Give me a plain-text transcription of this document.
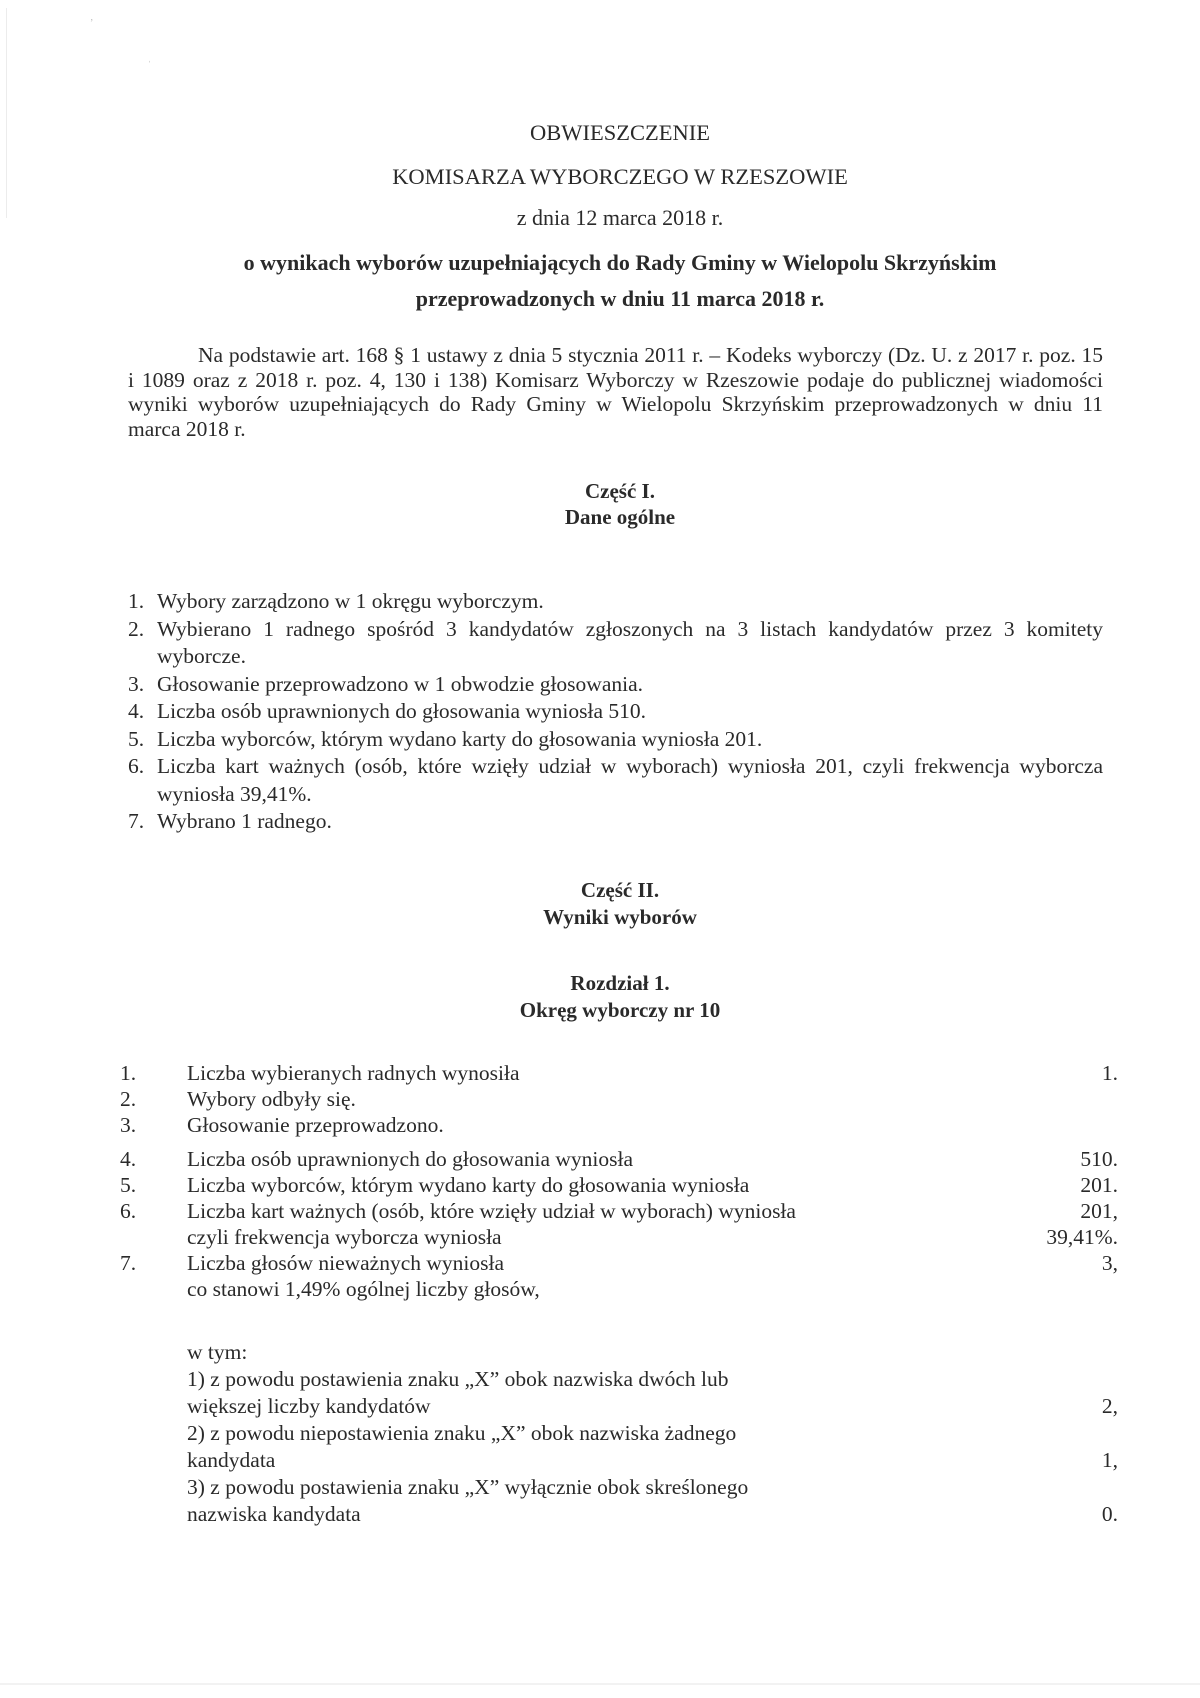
ʼ
ˌ
OBWIESZCZENIE
KOMISARZA WYBORCZEGO W RZESZOWIE
z dnia 12 marca 2018 r.
o wynikach wyborów uzupełniających do Rady Gminy w Wielopolu Skrzyńskim
przeprowadzonych w dniu 11 marca 2018 r.

Na podstawie art. 168 § 1 ustawy z dnia 5 stycznia 2011 r. – Kodeks wyborczy (Dz. U. z 2017 r. poz. 15 i 1089 oraz z 2018 r. poz. 4, 130 i 138) Komisarz Wyborczy w Rzeszowie podaje do publicznej wiadomości wyniki wyborów uzupełniających do Rady Gminy w Wielopolu Skrzyńskim przeprowadzonych w dniu 11 marca 2018 r.

Część I.
Dane ogólne
1. Wybory zarządzono w 1 okręgu wyborczym.
2. Wybierano 1 radnego spośród 3 kandydatów zgłoszonych na 3 listach kandydatów przez 3 komitety wyborcze.
3. Głosowanie przeprowadzono w 1 obwodzie głosowania.
4. Liczba osób uprawnionych do głosowania wyniosła 510.
5. Liczba wyborców, którym wydano karty do głosowania wyniosła 201.
6. Liczba kart ważnych (osób, które wzięły udział w wyborach) wyniosła 201, czyli frekwencja wyborcza wyniosła 39,41%.
7. Wybrano 1 radnego.
Część II.
Wyniki wyborów
Rozdział 1.
Okręg wyborczy nr 10
1. Liczba wybieranych radnych wynosiła	1.
2. Wybory odbyły się.
3. Głosowanie przeprowadzono.
4. Liczba osób uprawnionych do głosowania wyniosła	510.
5. Liczba wyborców, którym wydano karty do głosowania wyniosła	201.
6. Liczba kart ważnych (osób, które wzięły udział w wyborach) wyniosła	201,
czyli frekwencja wyborcza wyniosła	39,41%.
7. Liczba głosów nieważnych wyniosła	3,
co stanowi 1,49% ogólnej liczby głosów,
w tym:
1) z powodu postawienia znaku „X” obok nazwiska dwóch lub
większej liczby kandydatów	2,
2) z powodu niepostawienia znaku „X” obok nazwiska żadnego
kandydata	1,
3) z powodu postawienia znaku „X” wyłącznie obok skreślonego
nazwiska kandydata	0.
